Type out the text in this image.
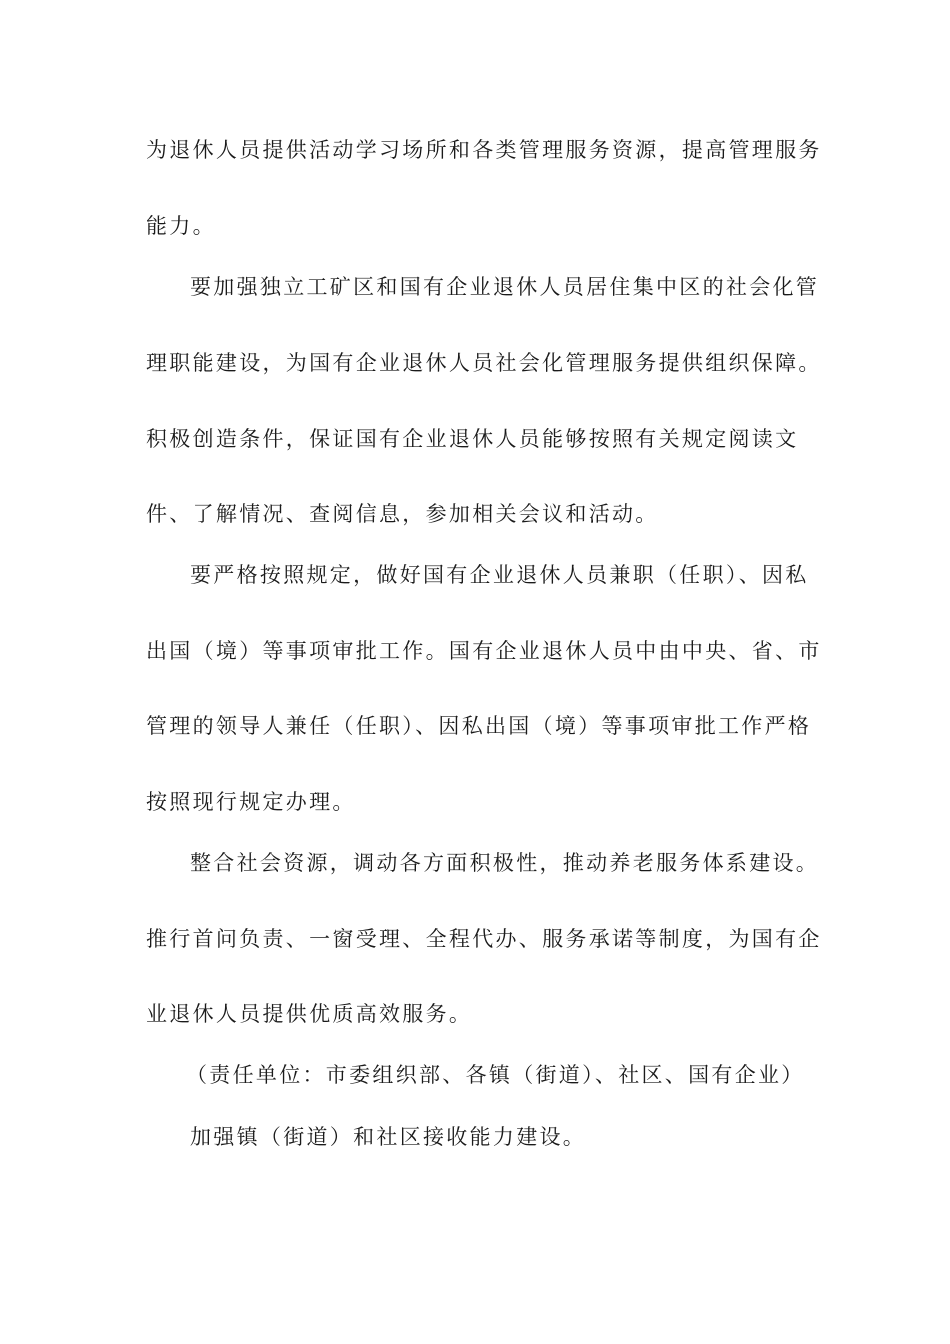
为退休人员提供活动学习场所和各类管理服务资源，提高管理服务
能力。
要加强独立工矿区和国有企业退休人员居住集中区的社会化管
理职能建设，为国有企业退休人员社会化管理服务提供组织保障。
积极创造条件，保证国有企业退休人员能够按照有关规定阅读文
件、了解情况、查阅信息，参加相关会议和活动。
要严格按照规定，做好国有企业退休人员兼职（任职）、因私
出国（境）等事项审批工作。国有企业退休人员中由中央、省、市
管理的领导人兼任（任职）、因私出国（境）等事项审批工作严格
按照现行规定办理。
整合社会资源，调动各方面积极性，推动养老服务体系建设。
推行首问负责、一窗受理、全程代办、服务承诺等制度，为国有企
业退休人员提供优质高效服务。
（责任单位：市委组织部、各镇（街道）、社区、国有企业）
加强镇（街道）和社区接收能力建设。
